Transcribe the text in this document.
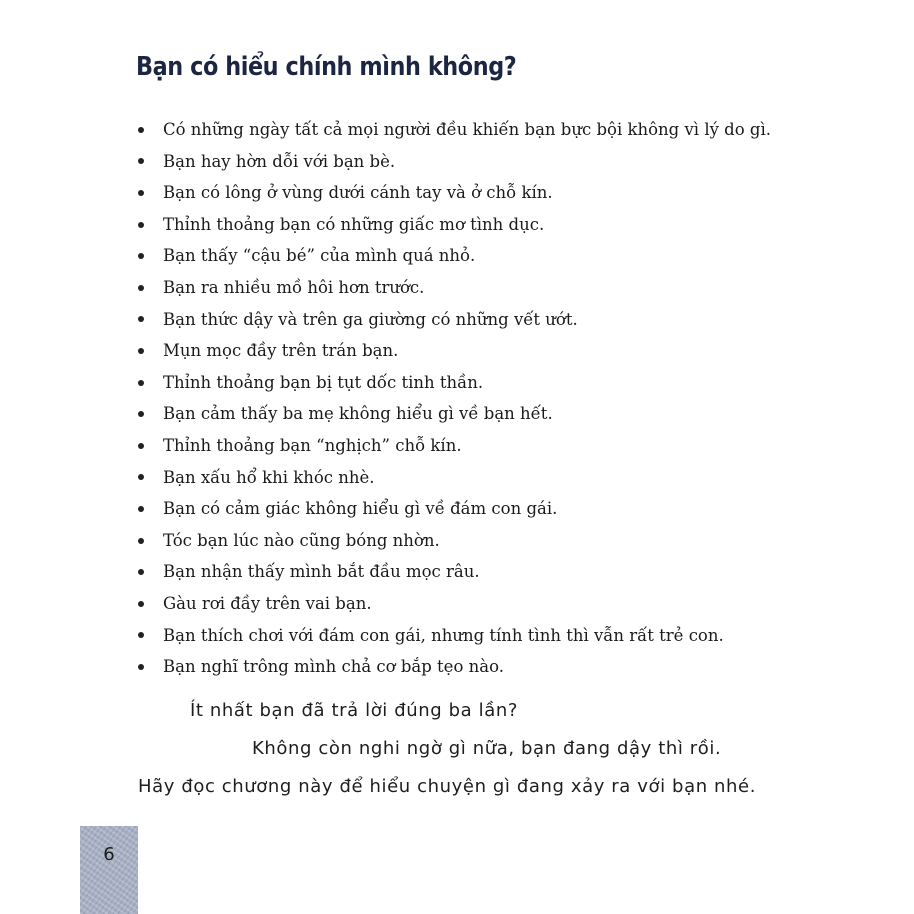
Bạn có hiểu chính mình không?
Có những ngày tất cả mọi người đều khiến bạn bực bội không vì lý do gì.
Bạn hay hờn dỗi với bạn bè.
Bạn có lông ở vùng dưới cánh tay và ở chỗ kín.
Thỉnh thoảng bạn có những giấc mơ tình dục.
Bạn thấy “cậu bé” của mình quá nhỏ.
Bạn ra nhiều mồ hôi hơn trước.
Bạn thức dậy và trên ga giường có những vết ướt.
Mụn mọc đầy trên trán bạn.
Thỉnh thoảng bạn bị tụt dốc tinh thần.
Bạn cảm thấy ba mẹ không hiểu gì về bạn hết.
Thỉnh thoảng bạn “nghịch” chỗ kín.
Bạn xấu hổ khi khóc nhè.
Bạn có cảm giác không hiểu gì về đám con gái.
Tóc bạn lúc nào cũng bóng nhờn.
Bạn nhận thấy mình bắt đầu mọc râu.
Gàu rơi đầy trên vai bạn.
Bạn thích chơi với đám con gái, nhưng tính tình thì vẫn rất trẻ con.
Bạn nghĩ trông mình chả cơ bắp tẹo nào.

Ít nhất bạn đã trả lời đúng ba lần?

Không còn nghi ngờ gì nữa, bạn đang dậy thì rồi.

Hãy đọc chương này để hiểu chuyện gì đang xảy ra với bạn nhé.

6
